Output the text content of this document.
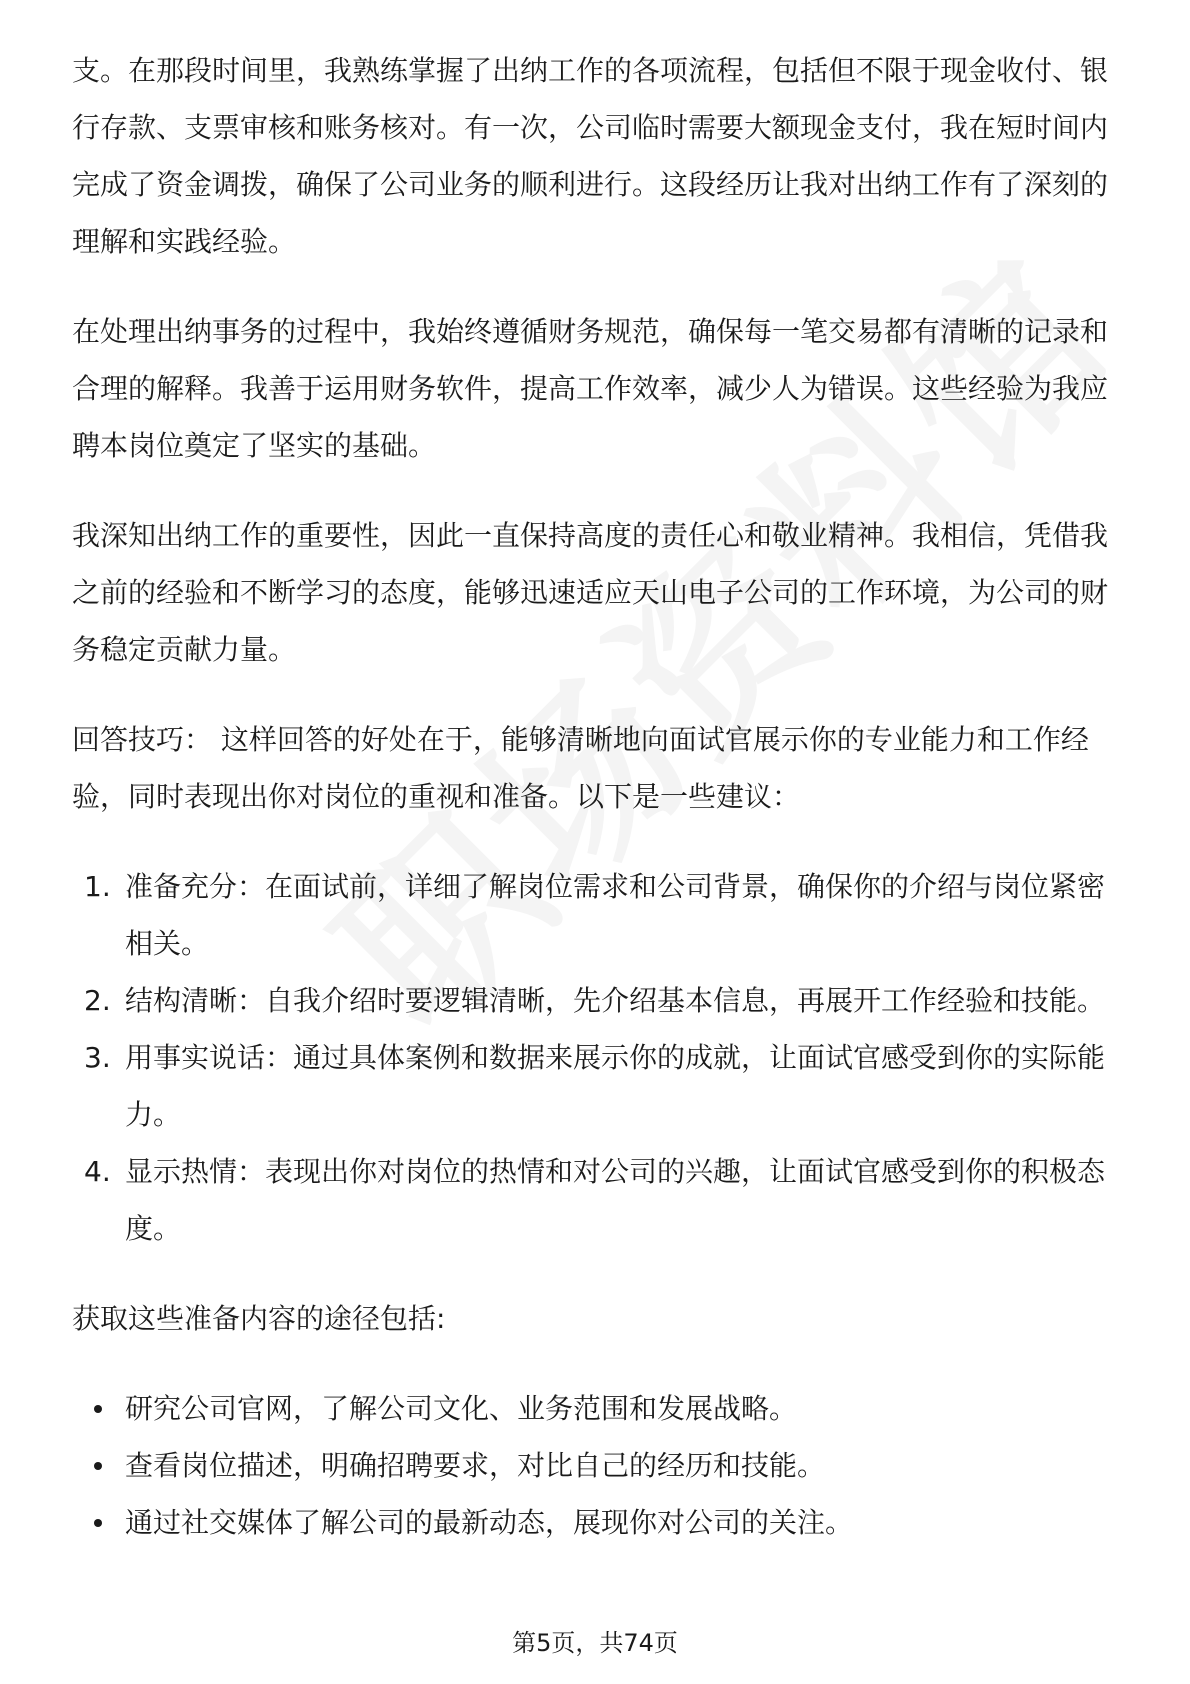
支。在那段时间里，我熟练掌握了出纳工作的各项流程，包括但不限于现金收付、银行存款、支票审核和账务核对。有一次，公司临时需要大额现金支付，我在短时间内完成了资金调拨，确保了公司业务的顺利进行。这段经历让我对出纳工作有了深刻的理解和实践经验。

在处理出纳事务的过程中，我始终遵循财务规范，确保每一笔交易都有清晰的记录和合理的解释。我善于运用财务软件，提高工作效率，减少人为错误。这些经验为我应聘本岗位奠定了坚实的基础。

我深知出纳工作的重要性，因此一直保持高度的责任心和敬业精神。我相信，凭借我之前的经验和不断学习的态度，能够迅速适应天山电子公司的工作环境，为公司的财务稳定贡献力量。

回答技巧： 这样回答的好处在于，能够清晰地向面试官展示你的专业能力和工作经验，同时表现出你对岗位的重视和准备。以下是一些建议：

1. 准备充分：在面试前，详细了解岗位需求和公司背景，确保你的介绍与岗位紧密相关。
2. 结构清晰：自我介绍时要逻辑清晰，先介绍基本信息，再展开工作经验和技能。
3. 用事实说话：通过具体案例和数据来展示你的成就，让面试官感受到你的实际能力。
4. 显示热情：表现出你对岗位的热情和对公司的兴趣，让面试官感受到你的积极态度。

获取这些准备内容的途径包括:

研究公司官网，了解公司文化、业务范围和发展战略。
查看岗位描述，明确招聘要求，对比自己的经历和技能。
通过社交媒体了解公司的最新动态，展现你对公司的关注。
第5页，共74页
